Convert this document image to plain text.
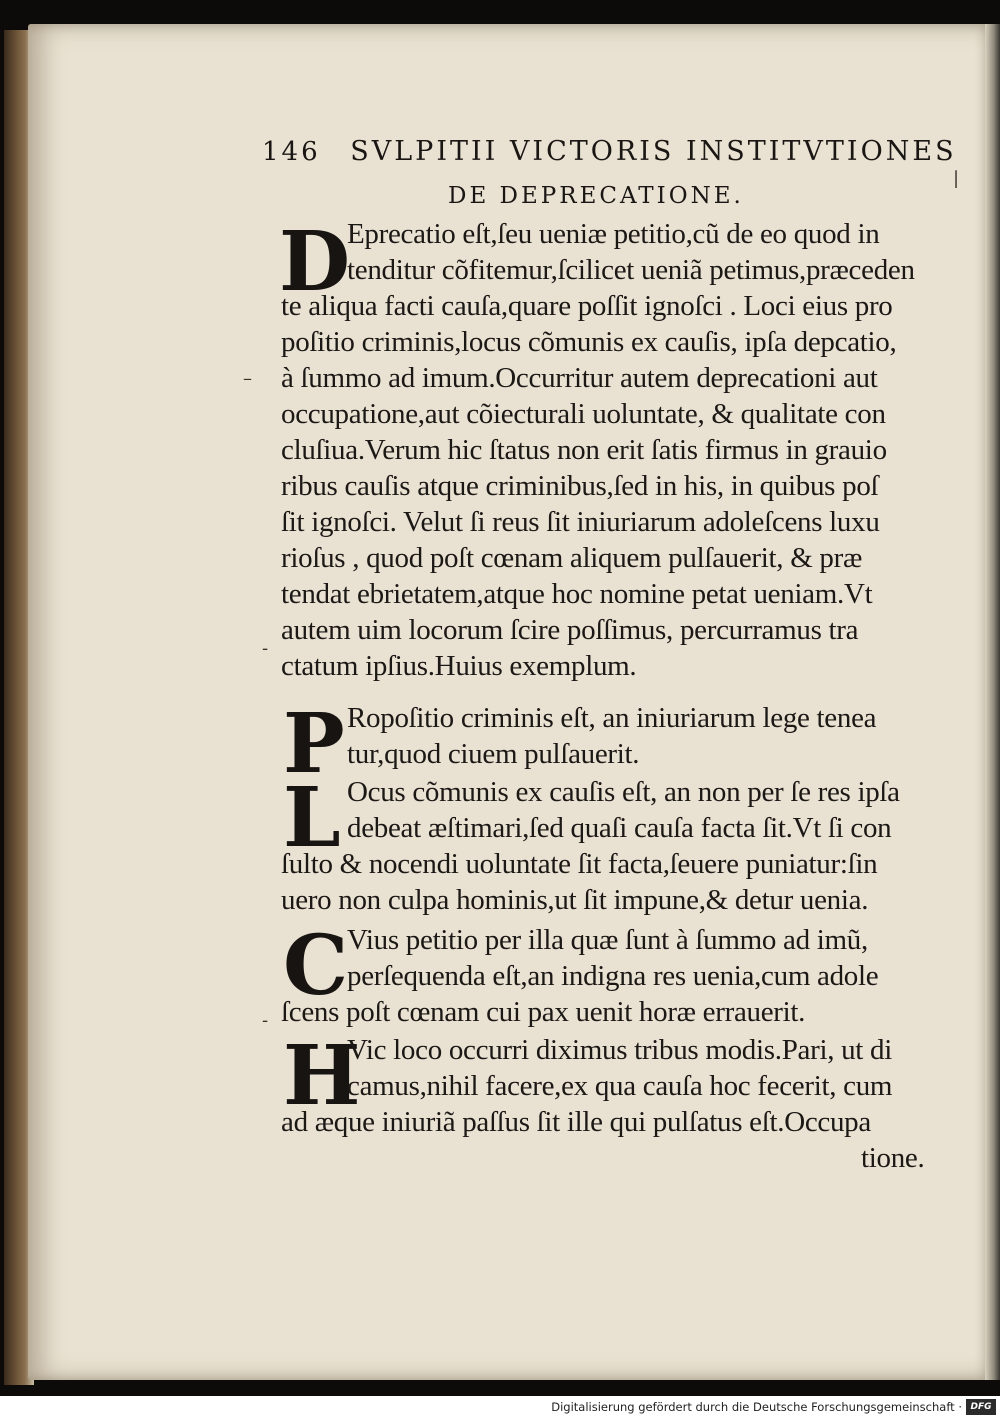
146 SVLPITII VICTORIS INSTITVTIONES
DE DEPRECATIONE.
D
Eprecatio eſt,ſeu ueniæ petitio,cũ de eo quod in
tenditur cõfitemur,ſcilicet ueniã petimus,præceden
te aliqua facti cauſa,quare poſſit ignoſci . Loci eius pro
poſitio criminis,locus cõmunis ex cauſis, ipſa depcatio,
à ſummo ad imum.Occurritur autem deprecationi aut
occupatione,aut cõiecturali uoluntate, & qualitate con
cluſiua.Verum hic ſtatus non erit ſatis firmus in grauio
ribus cauſis atque criminibus,ſed in his, in quibus poſ
ſit ignoſci. Velut ſi reus ſit iniuriarum adoleſcens luxu
rioſus , quod poſt cœnam aliquem pulſauerit, & præ
tendat ebrietatem,atque hoc nomine petat ueniam.Vt
autem uim locorum ſcire poſſimus, percurramus tra
ctatum ipſius.Huius exemplum.
P Ropoſitio criminis eſt, an iniuriarum lege tenea
tur,quod ciuem pulſauerit.
L Ocus cõmunis ex cauſis eſt, an non per ſe res ipſa
debeat æſtimari,ſed quaſi cauſa facta ſit.Vt ſi con
ſulto & nocendi uoluntate ſit facta,ſeuere puniatur:ſin
uero non culpa hominis,ut ſit impune,& detur uenia.
C
Vius petitio per illa quæ ſunt à ſummo ad imũ,
perſequenda eſt,an indigna res uenia,cum adole
ſcens poſt cœnam cui pax uenit horæ errauerit.
H
Vic loco occurri diximus tribus modis.Pari, ut di
camus,nihil facere,ex qua cauſa hoc fecerit, cum
ad æque iniuriã paſſus ſit ille qui pulſatus eſt.Occupa
tione.
–
-
-
|
Digitalisierung gefördert durch die Deutsche Forschungsgemeinschaft · DFG
